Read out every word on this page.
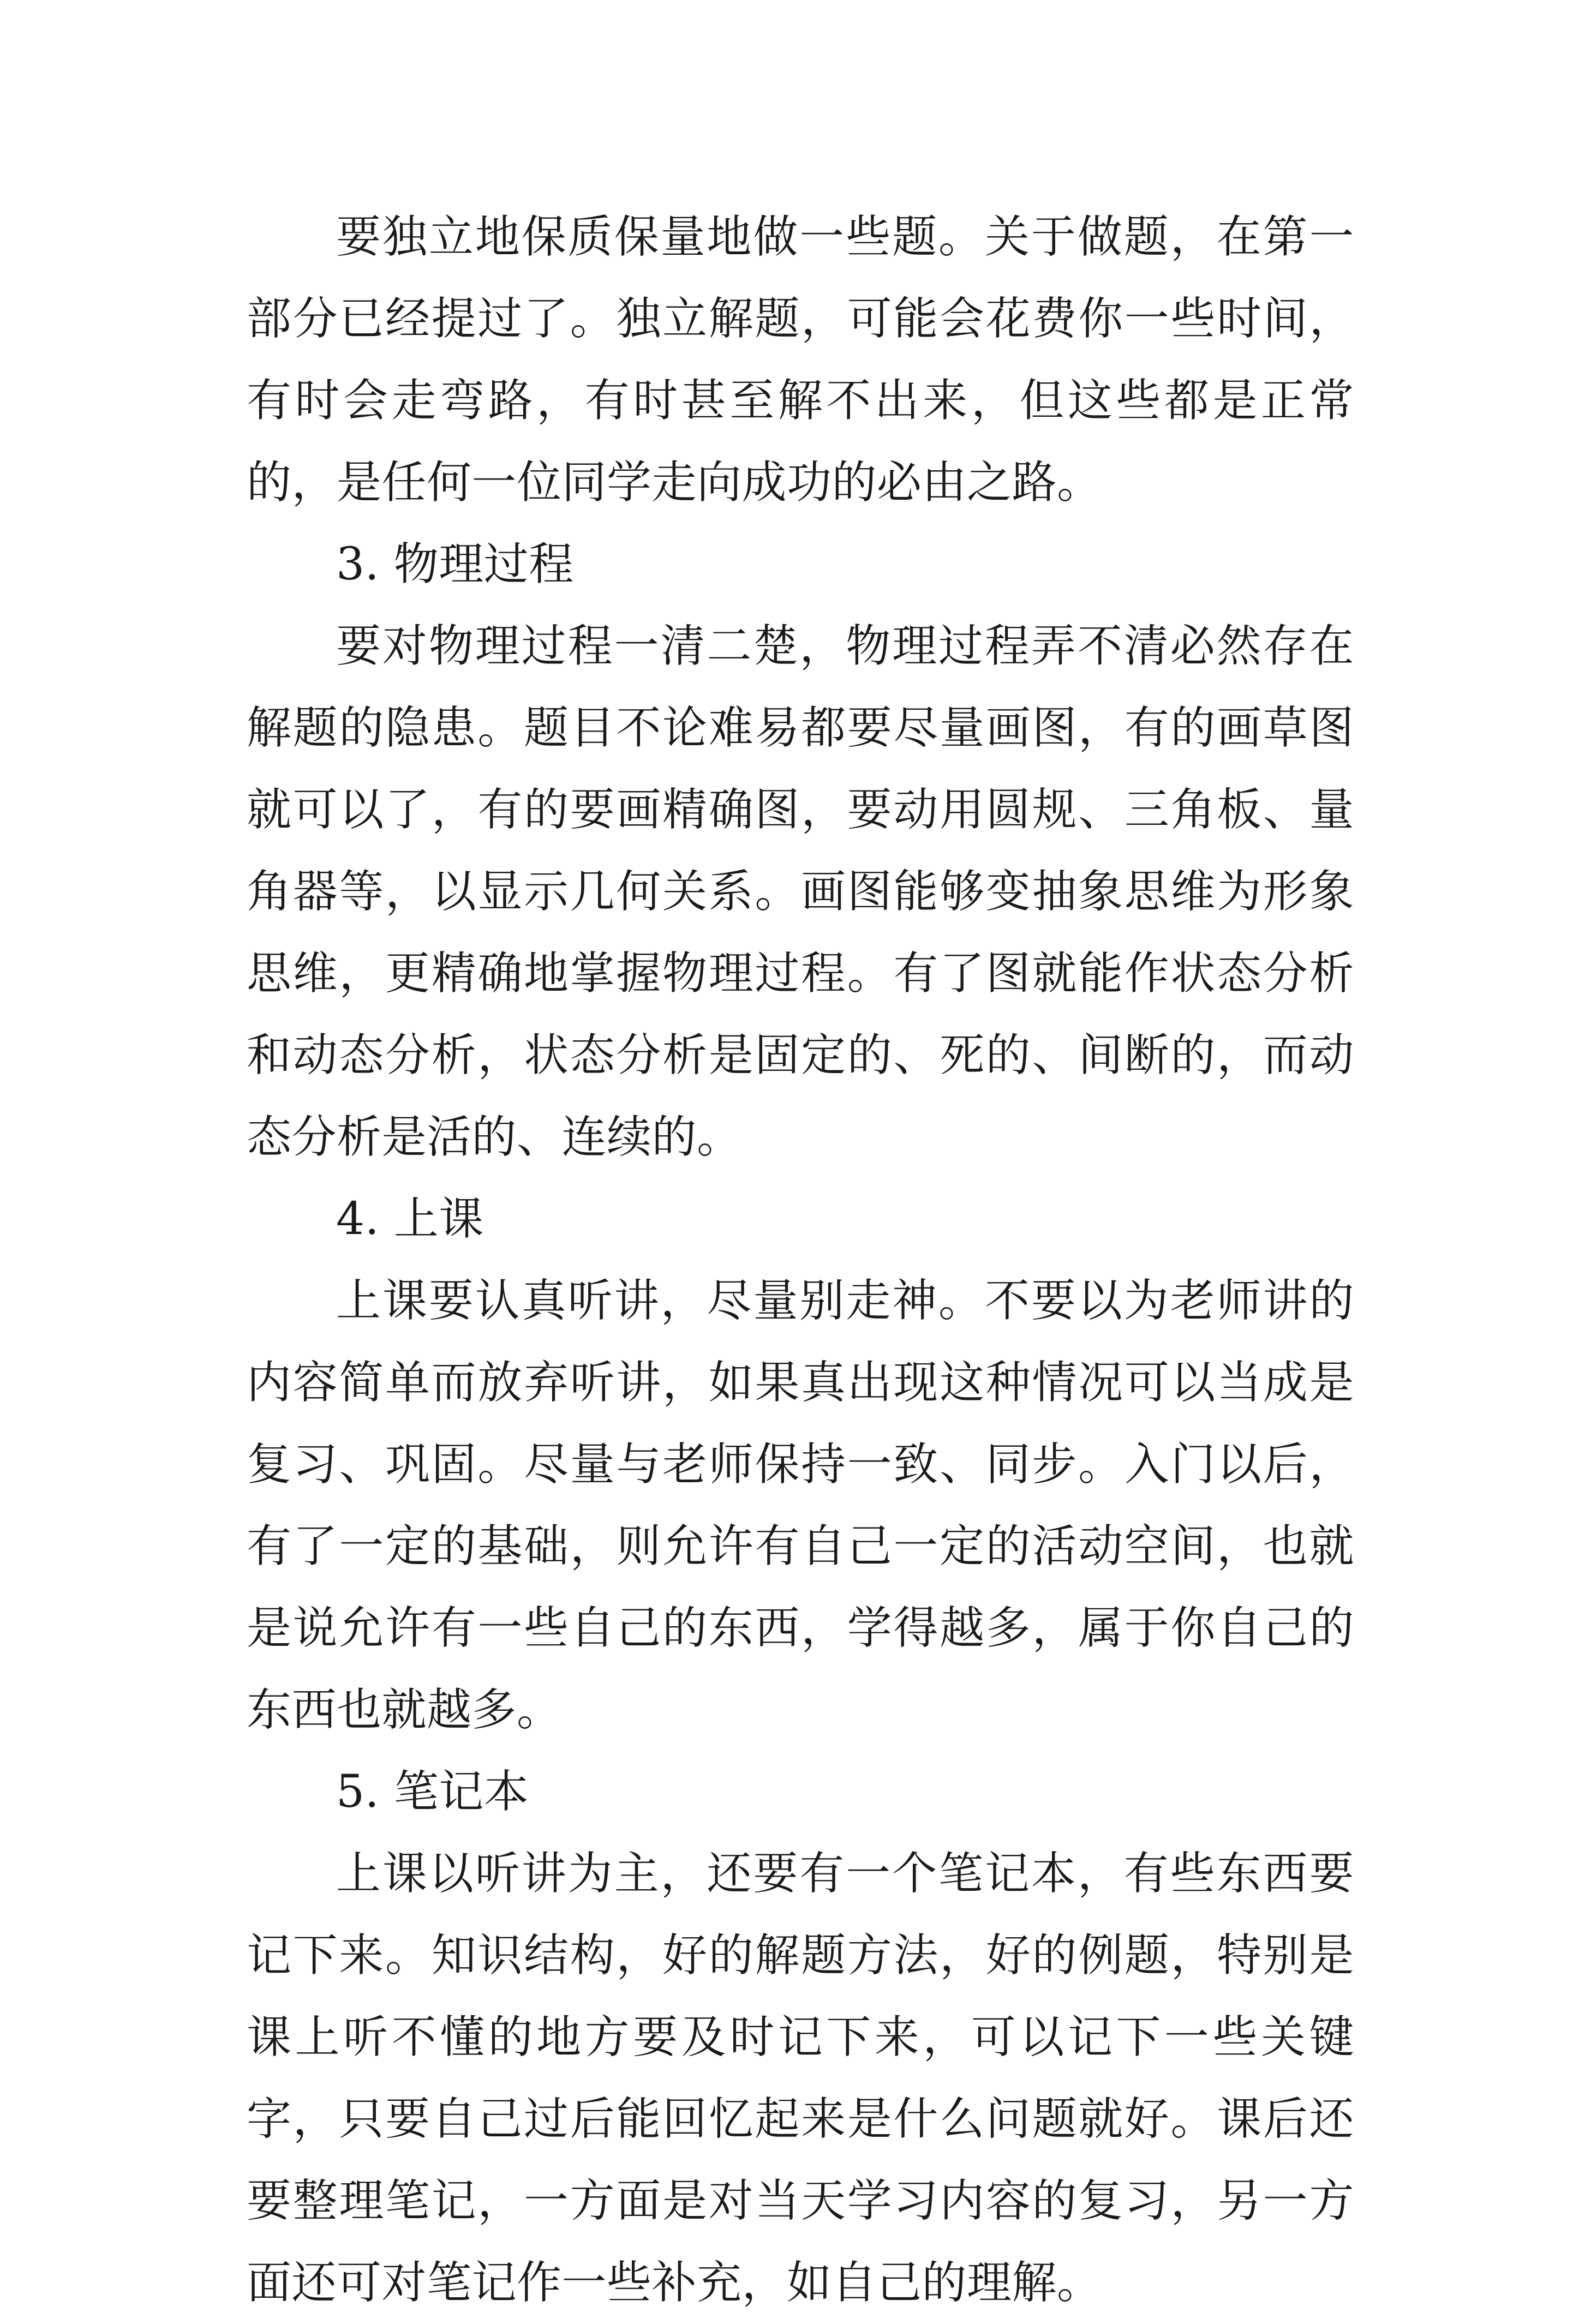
要独立地保质保量地做一些题。关于做题，在第一部分已经提过了。独立解题，可能会花费你一些时间，有时会走弯路，有时甚至解不出来，但这些都是正常的，是任何一位同学走向成功的必由之路。

3. 物理过程

要对物理过程一清二楚，物理过程弄不清必然存在解题的隐患。题目不论难易都要尽量画图，有的画草图就可以了，有的要画精确图，要动用圆规、三角板、量角器等，以显示几何关系。画图能够变抽象思维为形象思维，更精确地掌握物理过程。有了图就能作状态分析和动态分析，状态分析是固定的、死的、间断的，而动态分析是活的、连续的。

4. 上课

上课要认真听讲，尽量别走神。不要以为老师讲的内容简单而放弃听讲，如果真出现这种情况可以当成是复习、巩固。尽量与老师保持一致、同步。入门以后，有了一定的基础，则允许有自己一定的活动空间，也就是说允许有一些自己的东西，学得越多，属于你自己的东西也就越多。

5. 笔记本

上课以听讲为主，还要有一个笔记本，有些东西要记下来。知识结构，好的解题方法，好的例题，特别是课上听不懂的地方要及时记下来，可以记下一些关键字，只要自己过后能回忆起来是什么问题就好。课后还要整理笔记，一方面是对当天学习内容的复习，另一方面还可对笔记作一些补充，如自己的理解。
